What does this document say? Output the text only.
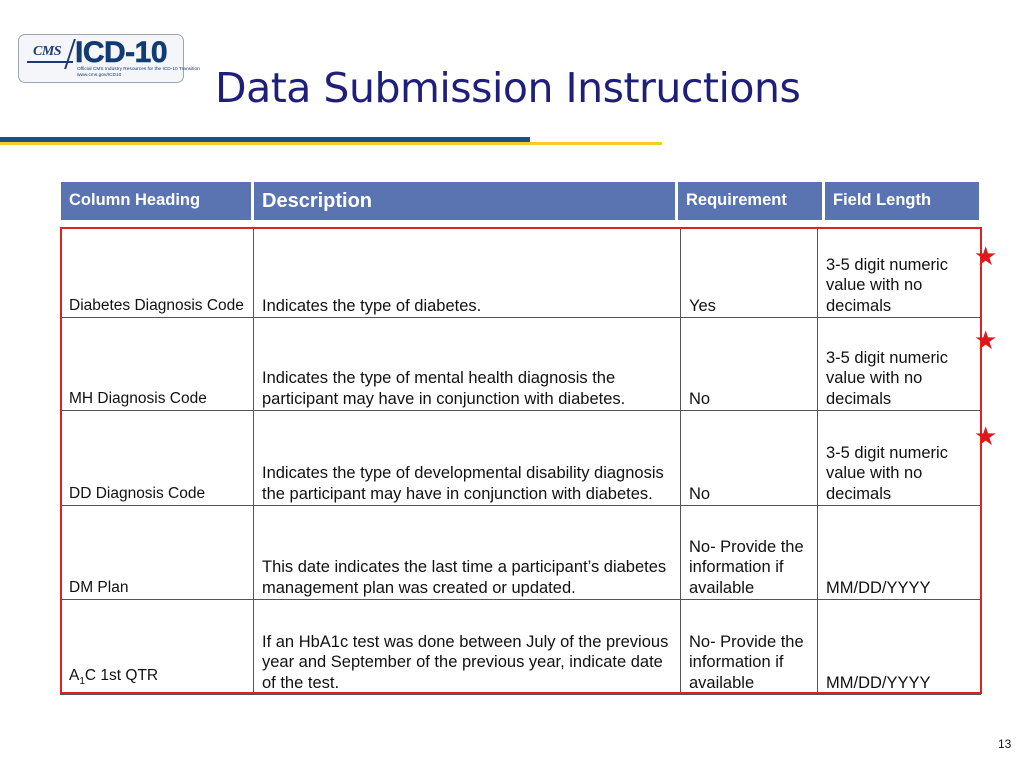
CMS ICD-10
Official CMS Industry Resources for the ICD-10 Transition
www.cms.gov/ICD10	Data Submission Instructions
Column Heading	Description	Requirement	Field Length
Diabetes Diagnosis Code	Indicates the type of diabetes.	Yes	3-5 digit numeric value with no decimals
MH Diagnosis Code	Indicates the type of mental health diagnosis the participant may have in conjunction with diabetes.	No	3-5 digit numeric value with no decimals
DD Diagnosis Code	Indicates the type of developmental disability diagnosis the participant may have in conjunction with diabetes.	No	3-5 digit numeric value with no decimals
DM Plan	This date indicates the last time a participant’s diabetes management plan was created or updated.	No- Provide the information if available	MM/DD/YYYY
$A_1C$ 1st QTR	If an HbA1c test was done between July of the previous year and September of the previous year, indicate date of the test.	No- Provide the information if available	MM/DD/YYYY
★
★
★
13
